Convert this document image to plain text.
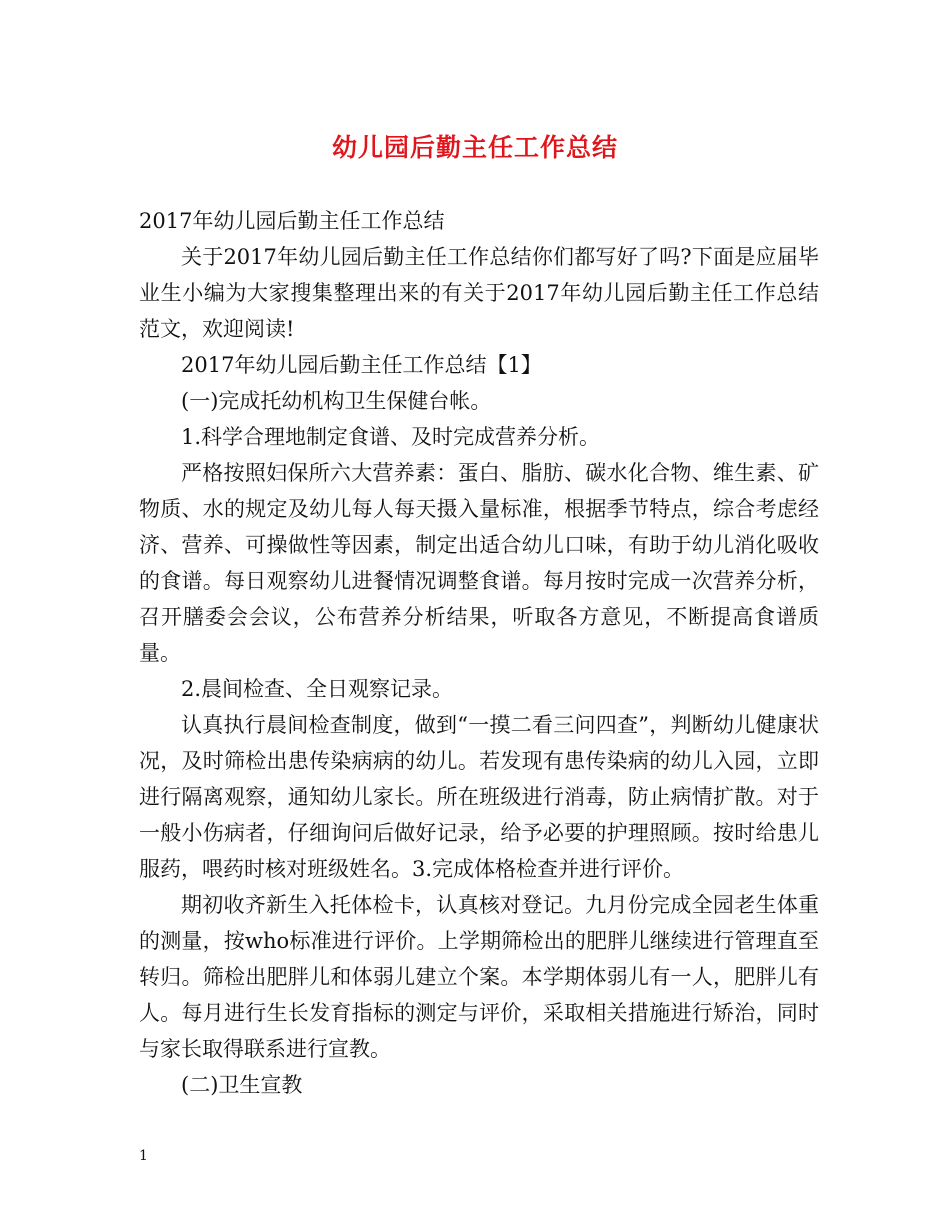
幼儿园后勤主任工作总结

2017年幼儿园后勤主任工作总结

关于2017年幼儿园后勤主任工作总结你们都写好了吗?下面是应届毕业生小编为大家搜集整理出来的有关于2017年幼儿园后勤主任工作总结范文，欢迎阅读!

2017年幼儿园后勤主任工作总结【1】

(一)完成托幼机构卫生保健台帐。

1.科学合理地制定食谱、及时完成营养分析。

严格按照妇保所六大营养素：蛋白、脂肪、碳水化合物、维生素、矿物质、水的规定及幼儿每人每天摄入量标准，根据季节特点，综合考虑经济、营养、可操做性等因素，制定出适合幼儿口味，有助于幼儿消化吸收的食谱。每日观察幼儿进餐情况调整食谱。每月按时完成一次营养分析，召开膳委会会议，公布营养分析结果，听取各方意见，不断提高食谱质量。

2.晨间检查、全日观察记录。

认真执行晨间检查制度，做到“一摸二看三问四查”，判断幼儿健康状况，及时筛检出患传染病病的幼儿。若发现有患传染病的幼儿入园，立即进行隔离观察，通知幼儿家长。所在班级进行消毒，防止病情扩散。对于一般小伤病者，仔细询问后做好记录，给予必要的护理照顾。按时给患儿服药，喂药时核对班级姓名。3.完成体格检查并进行评价。

期初收齐新生入托体检卡，认真核对登记。九月份完成全园老生体重的测量，按who标准进行评价。上学期筛检出的肥胖儿继续进行管理直至转归。筛检出肥胖儿和体弱儿建立个案。本学期体弱儿有一人，肥胖儿有人。每月进行生长发育指标的测定与评价，采取相关措施进行矫治，同时与家长取得联系进行宣教。

(二)卫生宣教

1
